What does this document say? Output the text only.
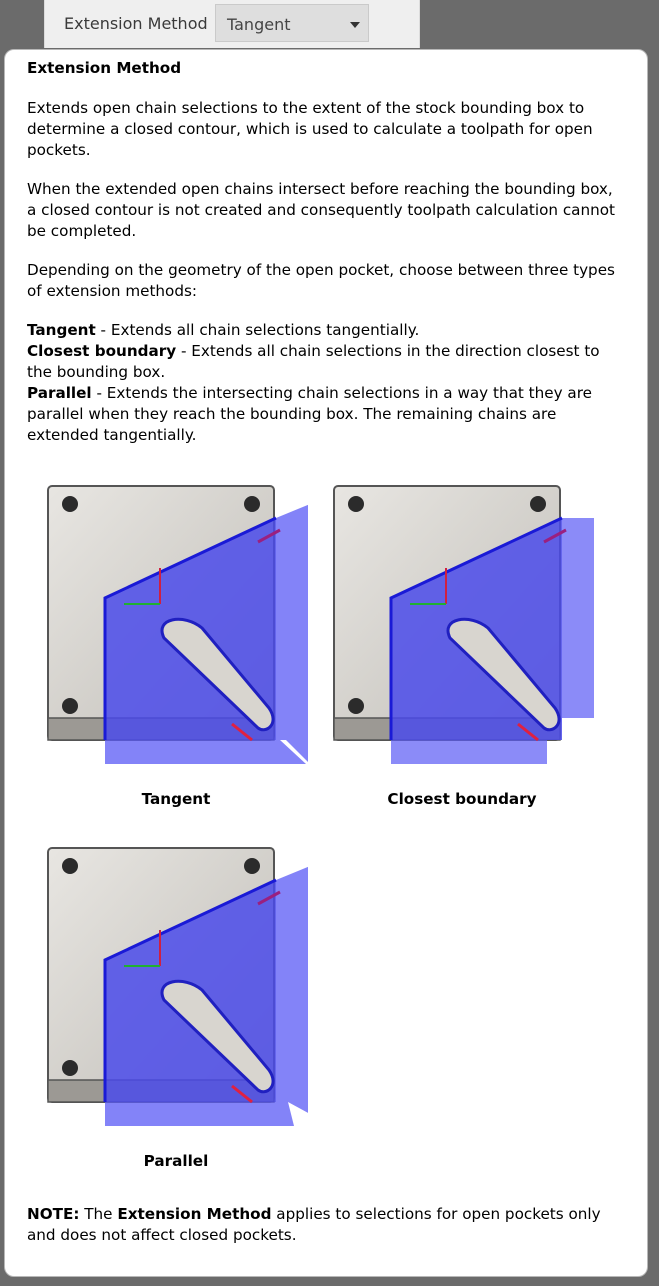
Extension Method Tangent
Extension Method

Extends open chain selections to the extent of the stock bounding box to determine a closed contour, which is used to calculate a toolpath for open pockets.

When the extended open chains intersect before reaching the bounding box, a closed contour is not created and consequently toolpath calculation cannot be completed.

Depending on the geometry of the open pocket, choose between three types of extension methods:

Tangent - Extends all chain selections tangentially.
Closest boundary - Extends all chain selections in the direction closest to the bounding box.
Parallel - Extends the intersecting chain selections in a way that they are parallel when they reach the bounding box. The remaining chains are extended tangentially.
Tangent	Closest boundary
Parallel
NOTE: The Extension Method applies to selections for open pockets only and does not affect closed pockets.
